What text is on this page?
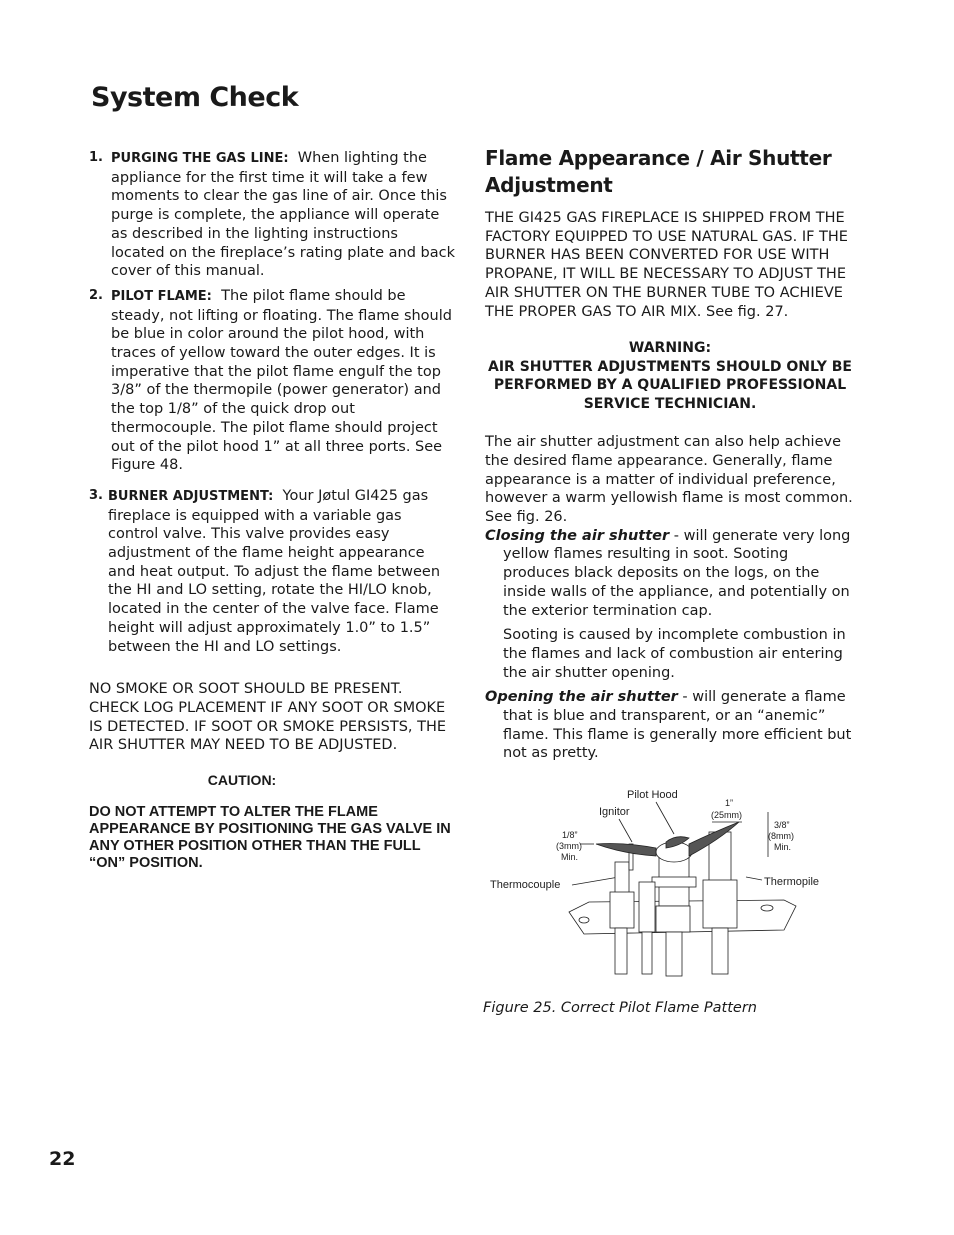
System Check
1. PURGING THE GAS LINE: When lighting the appliance for the first time it will take a few moments to clear the gas line of air. Once this purge is complete, the appliance will operate as described in the lighting instructions located on the fireplace’s rating plate and back cover of this manual.
2. PILOT FLAME: The pilot flame should be steady, not lifting or floating. The flame should be blue in color around the pilot hood, with traces of yellow toward the outer edges. It is imperative that the pilot flame engulf the top 3/8” of the thermopile (power generator) and the top 1/8” of the quick drop out thermocouple. The pilot flame should project out of the pilot hood 1” at all three ports. See Figure 48.
3. BURNER ADJUSTMENT: Your Jøtul GI425 gas fireplace is equipped with a variable gas control valve. This valve provides easy adjustment of the flame height appearance and heat output. To adjust the flame between the HI and LO setting, rotate the HI/LO knob, located in the center of the valve face. Flame height will adjust approximately 1.0” to 1.5” between the HI and LO settings.
NO SMOKE OR SOOT SHOULD BE PRESENT. CHECK LOG PLACEMENT IF ANY SOOT OR SMOKE IS DETECTED. IF SOOT OR SMOKE PERSISTS, THE AIR SHUTTER MAY NEED TO BE ADJUSTED.
CAUTION:
DO NOT ATTEMPT TO ALTER THE FLAME APPEARANCE BY POSITIONING THE GAS VALVE IN ANY OTHER POSITION OTHER THAN THE FULL “ON” POSITION.
Flame Appearance / Air Shutter Adjustment
THE GI425 GAS FIREPLACE IS SHIPPED FROM THE FACTORY EQUIPPED TO USE NATURAL GAS. IF THE BURNER HAS BEEN CONVERTED FOR USE WITH PROPANE, IT WILL BE NECESSARY TO ADJUST THE AIR SHUTTER ON THE BURNER TUBE TO ACHIEVE THE PROPER GAS TO AIR MIX. See fig. 27.
WARNING:
AIR SHUTTER ADJUSTMENTS SHOULD ONLY BE PERFORMED BY A QUALIFIED PROFESSIONAL SERVICE TECHNICIAN.
The air shutter adjustment can also help achieve the desired flame appearance. Generally, flame appearance is a matter of individual preference, however a warm yellowish flame is most common. See fig. 26.
Closing the air shutter - will generate very long yellow flames resulting in soot. Sooting produces black deposits on the logs, on the inside walls of the appliance, and potentially on the exterior termination cap.
Sooting is caused by incomplete combustion in the flames and lack of combustion air entering the air shutter opening.
Opening the air shutter - will generate a flame that is blue and transparent, or an “anemic” flame. This flame is generally more efficient but not as pretty.
Pilot Hood
Ignitor
1”
(25mm)
3/8”
(8mm)
Min.
1/8”
(3mm)
Min.
Thermocouple	Thermopile
Figure 25. Correct Pilot Flame Pattern
22
